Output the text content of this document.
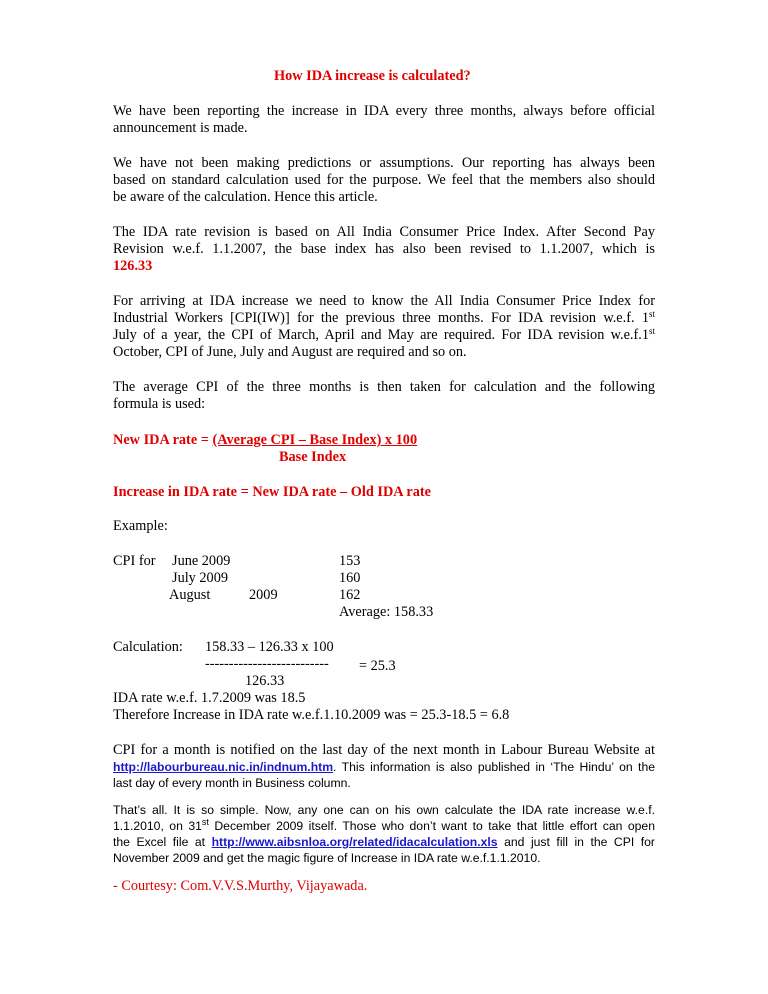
How IDA increase is calculated?
We have been reporting the increase in IDA every three months, always before official
announcement is made.
We have not been making predictions or assumptions. Our reporting has always been
based on standard calculation used for the purpose. We feel that the members also should
be aware of the calculation. Hence this article.
The IDA rate revision is based on All India Consumer Price Index. After Second Pay
Revision w.e.f. 1.1.2007, the base index has also been revised to 1.1.2007, which is
126.33
For arriving at IDA increase we need to know the All India Consumer Price Index for
Industrial Workers [CPI(IW)] for the previous three months. For IDA revision w.e.f. 1st
July of a year, the CPI of March, April and May are required. For IDA revision w.e.f.1st
October, CPI of June, July and August are required and so on.
The average CPI of the three months is then taken for calculation and the following
formula is used:
New IDA rate = (Average CPI – Base Index) x 100
Base Index
Increase in IDA rate = New IDA rate – Old IDA rate
Example:
CPI for June 2009	153
July 2009	160
August	2009	162
Average: 158.33
Calculation: 158.33 – 126.33 x 100
-------------------------- = 25.3
126.33
IDA rate w.e.f. 1.7.2009 was 18.5
Therefore Increase in IDA rate w.e.f.1.10.2009 was = 25.3-18.5 = 6.8
CPI for a month is notified on the last day of the next month in Labour Bureau Website at
http://labourbureau.nic.in/indnum.htm. This information is also published in ‘The Hindu’ on the
last day of every month in Business column.
That’s all. It is so simple. Now, any one can on his own calculate the IDA rate increase w.e.f.
1.1.2010, on 31st December 2009 itself. Those who don’t want to take that little effort can open
the Excel file at http://www.aibsnloa.org/related/idacalculation.xls and just fill in the CPI for
November 2009 and get the magic figure of Increase in IDA rate w.e.f.1.1.2010.
- Courtesy: Com.V.V.S.Murthy, Vijayawada.
